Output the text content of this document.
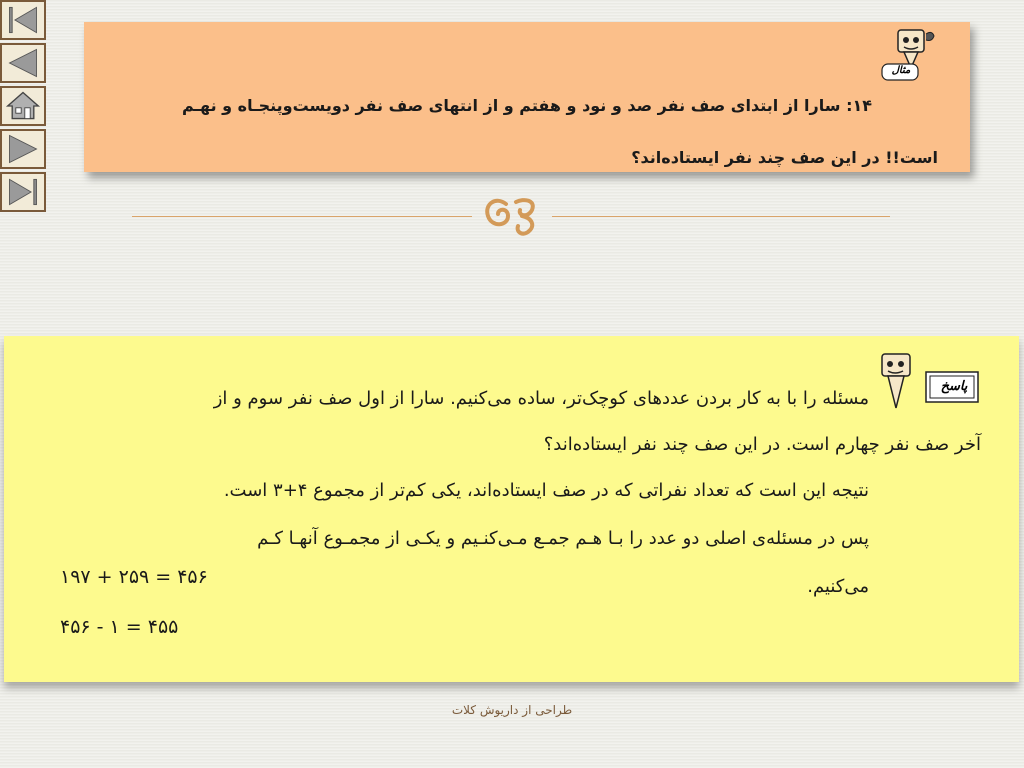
مثال
۱۴: سارا از ابتدای صف نفر صد و نود و هفتم و از انتهای صف نفر دویست‌وپنجـاه و نهـم
است!! در این صف چند نفر ایستاده‌اند؟
پاسخ
مسئله را با به کار بردن عددهای کوچک‌تر، ساده می‌کنیم. سارا از اول صف نفر سوم و از
آخر صف نفر چهارم است. در این صف چند نفر ایستاده‌اند؟
نتیجه این است که تعداد نفراتی که در صف ایستاده‌اند، یکی کم‌تر از مجموع ۴+۳ است.
پس در مسئله‌ی اصلی دو عدد را بـا هـم جمـع مـی‌کنـیم و یکـی از مجمـوع آنهـا کـم
می‌کنیم.
۱۹۷ + ۲۵۹ = ۴۵۶
۴۵۶ - ۱ = ۴۵۵
طراحی از داریوش کلات
